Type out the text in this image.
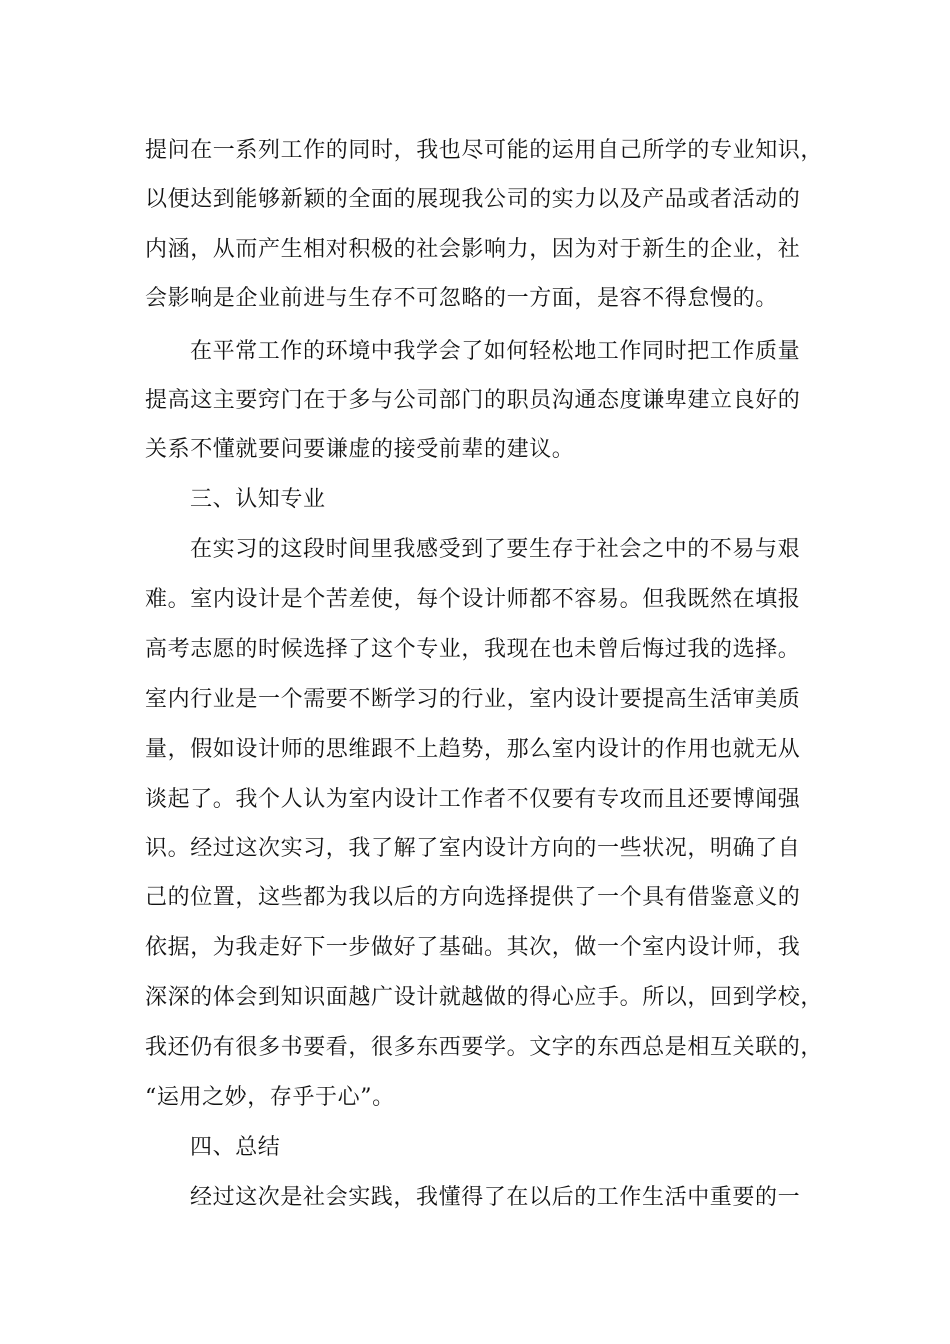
提问在一系列工作的同时，我也尽可能的运用自己所学的专业知识，
以便达到能够新颖的全面的展现我公司的实力以及产品或者活动的
内涵，从而产生相对积极的社会影响力，因为对于新生的企业，社
会影响是企业前进与生存不可忽略的一方面，是容不得怠慢的。
在平常工作的环境中我学会了如何轻松地工作同时把工作质量
提高这主要窍门在于多与公司部门的职员沟通态度谦卑建立良好的
关系不懂就要问要谦虚的接受前辈的建议。
三、认知专业
在实习的这段时间里我感受到了要生存于社会之中的不易与艰
难。室内设计是个苦差使，每个设计师都不容易。但我既然在填报
高考志愿的时候选择了这个专业，我现在也未曾后悔过我的选择。
室内行业是一个需要不断学习的行业，室内设计要提高生活审美质
量，假如设计师的思维跟不上趋势，那么室内设计的作用也就无从
谈起了。我个人认为室内设计工作者不仅要有专攻而且还要博闻强
识。经过这次实习，我了解了室内设计方向的一些状况，明确了自
己的位置，这些都为我以后的方向选择提供了一个具有借鉴意义的
依据，为我走好下一步做好了基础。其次，做一个室内设计师，我
深深的体会到知识面越广设计就越做的得心应手。所以，回到学校，
我还仍有很多书要看，很多东西要学。文字的东西总是相互关联的，
“运用之妙，存乎于心”。
四、总结
经过这次是社会实践，我懂得了在以后的工作生活中重要的一
